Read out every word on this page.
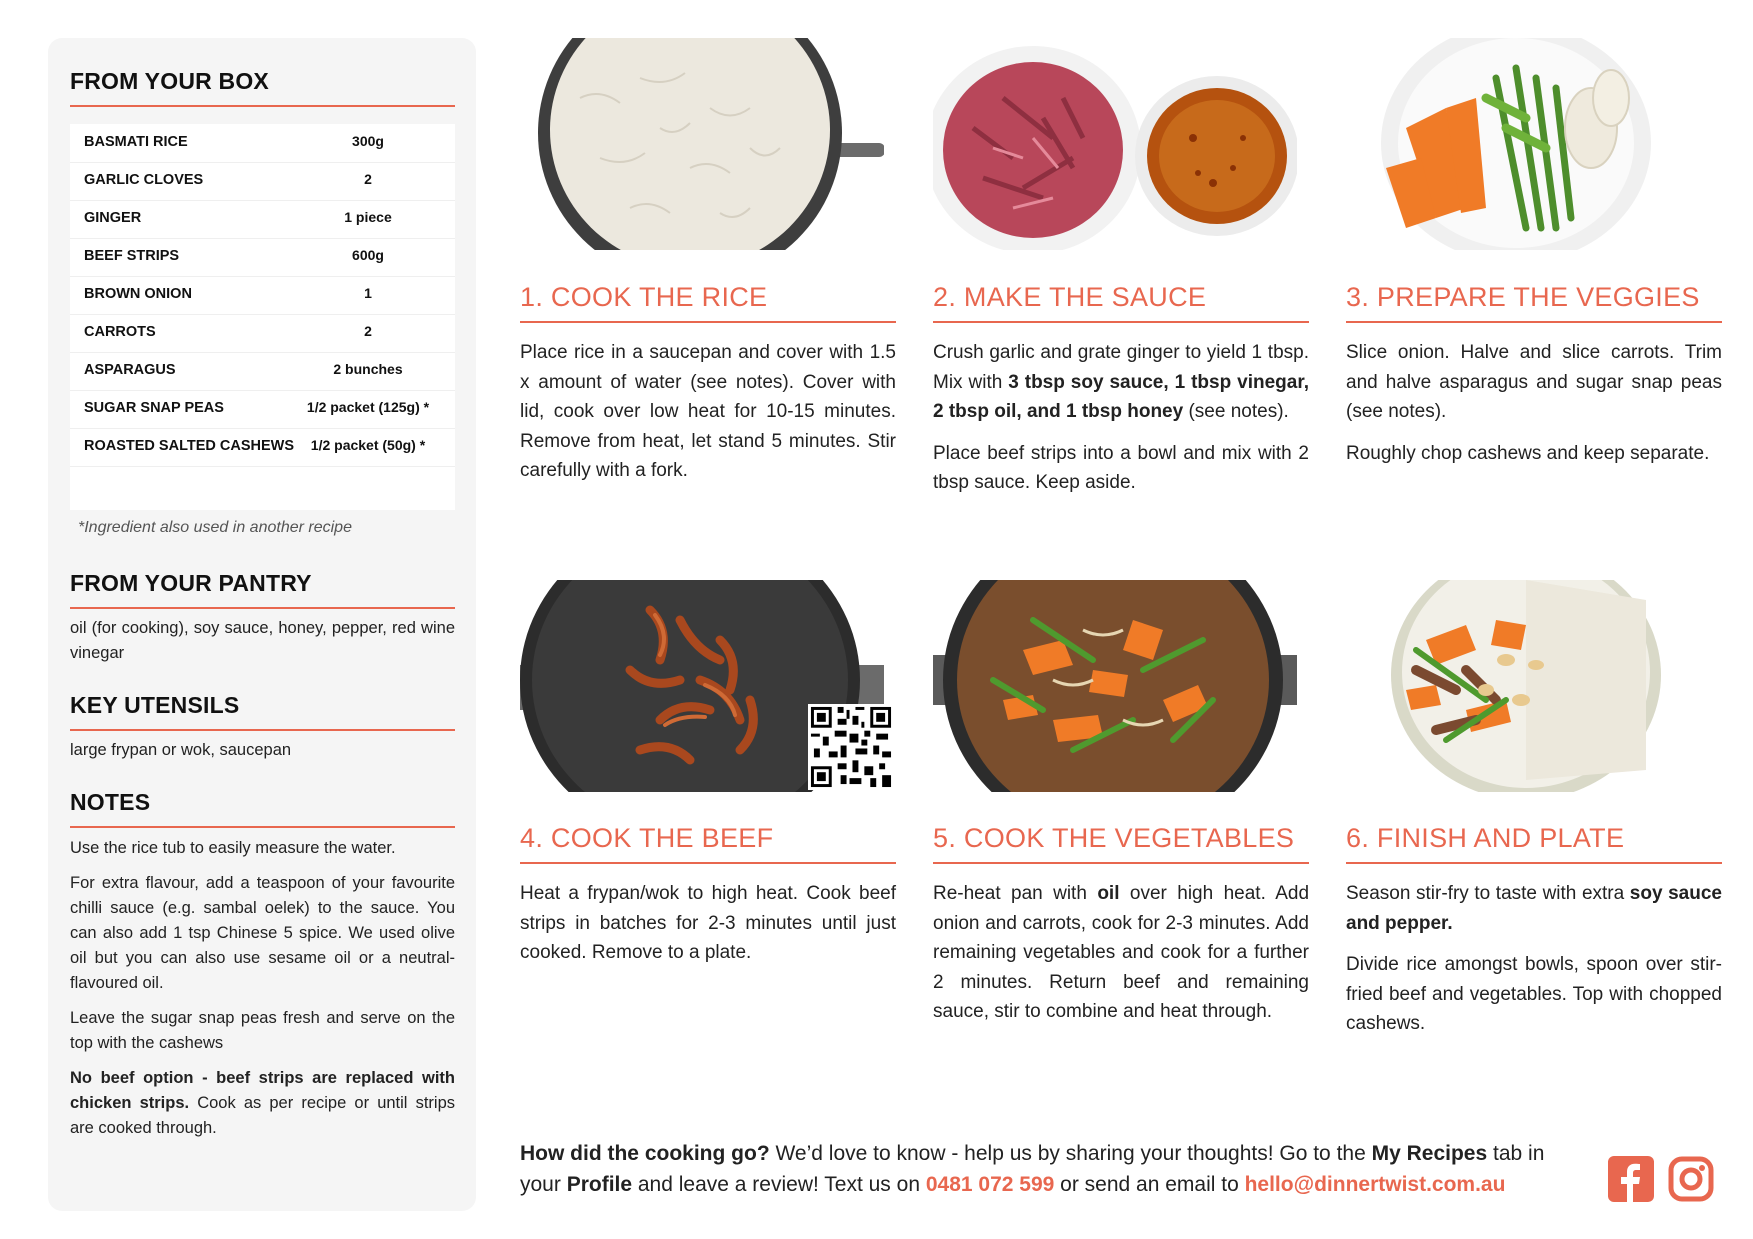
FROM YOUR BOX
BASMATI RICE	300g
GARLIC CLOVES	2
GINGER	1 piece
BEEF STRIPS	600g
BROWN ONION	1
CARROTS	2
ASPARAGUS	2 bunches
SUGAR SNAP PEAS	1/2 packet (125g) *
ROASTED SALTED CASHEWS	1/2 packet (50g) *
*Ingredient also used in another recipe
FROM YOUR PANTRY
oil (for cooking), soy sauce, honey, pepper, red wine vinegar
KEY UTENSILS
large frypan or wok, saucepan
NOTES

Use the rice tub to easily measure the water.

For extra flavour, add a teaspoon of your favourite chilli sauce (e.g. sambal oelek) to the sauce. You can also add 1 tsp Chinese 5 spice. We used olive oil but you can also use sesame oil or a neutral-flavoured oil.

Leave the sugar snap peas fresh and serve on the top with the cashews

No beef option - beef strips are replaced with chicken strips. Cook as per recipe or until strips are cooked through.

1. COOK THE RICE

Place rice in a saucepan and cover with 1.5 x amount of water (see notes). Cover with lid, cook over low heat for 10-15 minutes. Remove from heat, let stand 5 minutes. Stir carefully with a fork.

2. MAKE THE SAUCE

Crush garlic and grate ginger to yield 1 tbsp. Mix with 3 tbsp soy sauce, 1 tbsp vinegar, 2 tbsp oil, and 1 tbsp honey (see notes).

Place beef strips into a bowl and mix with 2 tbsp sauce. Keep aside.

3. PREPARE THE VEGGIES

Slice onion. Halve and slice carrots. Trim and halve asparagus and sugar snap peas (see notes).

Roughly chop cashews and keep separate.

4. COOK THE BEEF

Heat a frypan/wok to high heat. Cook beef strips in batches for 2-3 minutes until just cooked. Remove to a plate.

5. COOK THE VEGETABLES

Re-heat pan with oil over high heat. Add onion and carrots, cook for 2-3 minutes. Add remaining vegetables and cook for a further 2 minutes. Return beef and remaining sauce, stir to combine and heat through.

6. FINISH AND PLATE

Season stir-fry to taste with extra soy sauce and pepper.

Divide rice amongst bowls, spoon over stir-fried beef and vegetables. Top with chopped cashews.

How did the cooking go? We’d love to know - help us by sharing your thoughts! Go to the My Recipes tab in your Profile and leave a review! Text us on 0481 072 599 or send an email to hello@dinnertwist.com.au
